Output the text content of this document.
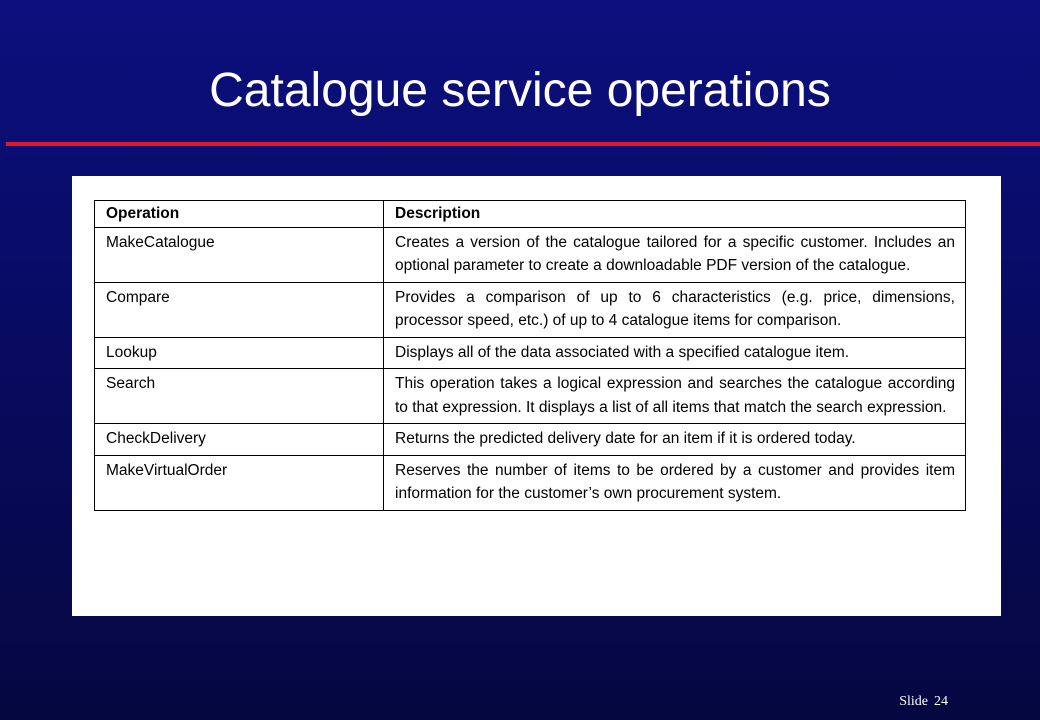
Catalogue service operations
Operation	Description
MakeCatalogue	Creates a version of the catalogue tailored for a specific customer. Includes an optional parameter to create a downloadable PDF version of the catalogue.
Compare	Provides a comparison of up to 6 characteristics (e.g. price, dimensions, processor speed, etc.) of up to 4 catalogue items for comparison.
Lookup	Displays all of the data associated with a specified catalogue item.
Search	This operation takes a logical expression and searches the catalogue according to that expression. It displays a list of all items that match the search expression.
CheckDelivery	Returns the predicted delivery date for an item if it is ordered today.
MakeVirtualOrder	Reserves the number of items to be ordered by a customer and provides item information for the customer’s own procurement system.
Slide 24
